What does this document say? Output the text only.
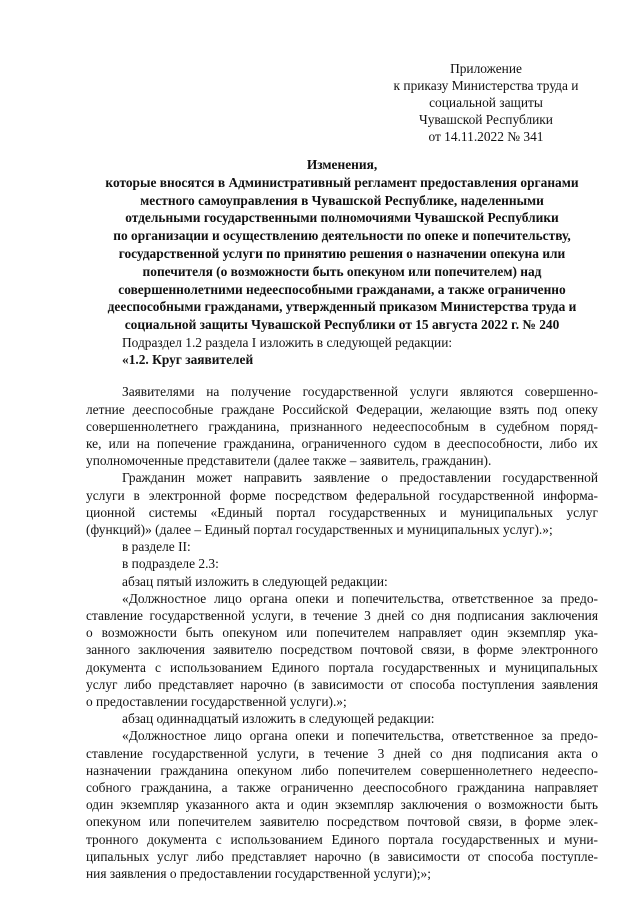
Приложение
к приказу Министерства труда и
социальной защиты
Чувашской Республики
от 14.11.2022 № 341
Изменения,
которые вносятся в Административный регламент предоставления органами
местного самоуправления в Чувашской Республике, наделенными
отдельными государственными полномочиями Чувашской Республики
по организации и осуществлению деятельности по опеке и попечительству,
государственной услуги по принятию решения о назначении опекуна или
попечителя (о возможности быть опекуном или попечителем) над
совершеннолетними недееспособными гражданами, а также ограниченно
дееспособными гражданами, утвержденный приказом Министерства труда и
социальной защиты Чувашской Республики от 15 августа 2022 г. № 240

Подраздел 1.2 раздела I изложить в следующей редакции:

«1.2. Круг заявителей

Заявителями на получение государственной услуги являются совершенно-

летние дееспособные граждане Российской Федерации, желающие взять под опеку

совершеннолетнего гражданина, признанного недееспособным в судебном поряд-

ке, или на попечение гражданина, ограниченного судом в дееспособности, либо их

уполномоченные представители (далее также – заявитель, гражданин).

Гражданин может направить заявление о предоставлении государственной

услуги в электронной форме посредством федеральной государственной информа-

ционной системы «Единый портал государственных и муниципальных услуг

(функций)» (далее – Единый портал государственных и муниципальных услуг).»;

в разделе II:

в подразделе 2.3:

абзац пятый изложить в следующей редакции:

«Должностное лицо органа опеки и попечительства, ответственное за предо-

ставление государственной услуги, в течение 3 дней со дня подписания заключения

о возможности быть опекуном или попечителем направляет один экземпляр ука-

занного заключения заявителю посредством почтовой связи, в форме электронного

документа с использованием Единого портала государственных и муниципальных

услуг либо представляет нарочно (в зависимости от способа поступления заявления

о предоставлении государственной услуги).»;

абзац одиннадцатый изложить в следующей редакции:

«Должностное лицо органа опеки и попечительства, ответственное за предо-

ставление государственной услуги, в течение 3 дней со дня подписания акта о

назначении гражданина опекуном либо попечителем совершеннолетнего недееспо-

собного гражданина, а также ограниченно дееспособного гражданина направляет

один экземпляр указанного акта и один экземпляр заключения о возможности быть

опекуном или попечителем заявителю посредством почтовой связи, в форме элек-

тронного документа с использованием Единого портала государственных и муни-

ципальных услуг либо представляет нарочно (в зависимости от способа поступле-

ния заявления о предоставлении государственной услуги);»;
